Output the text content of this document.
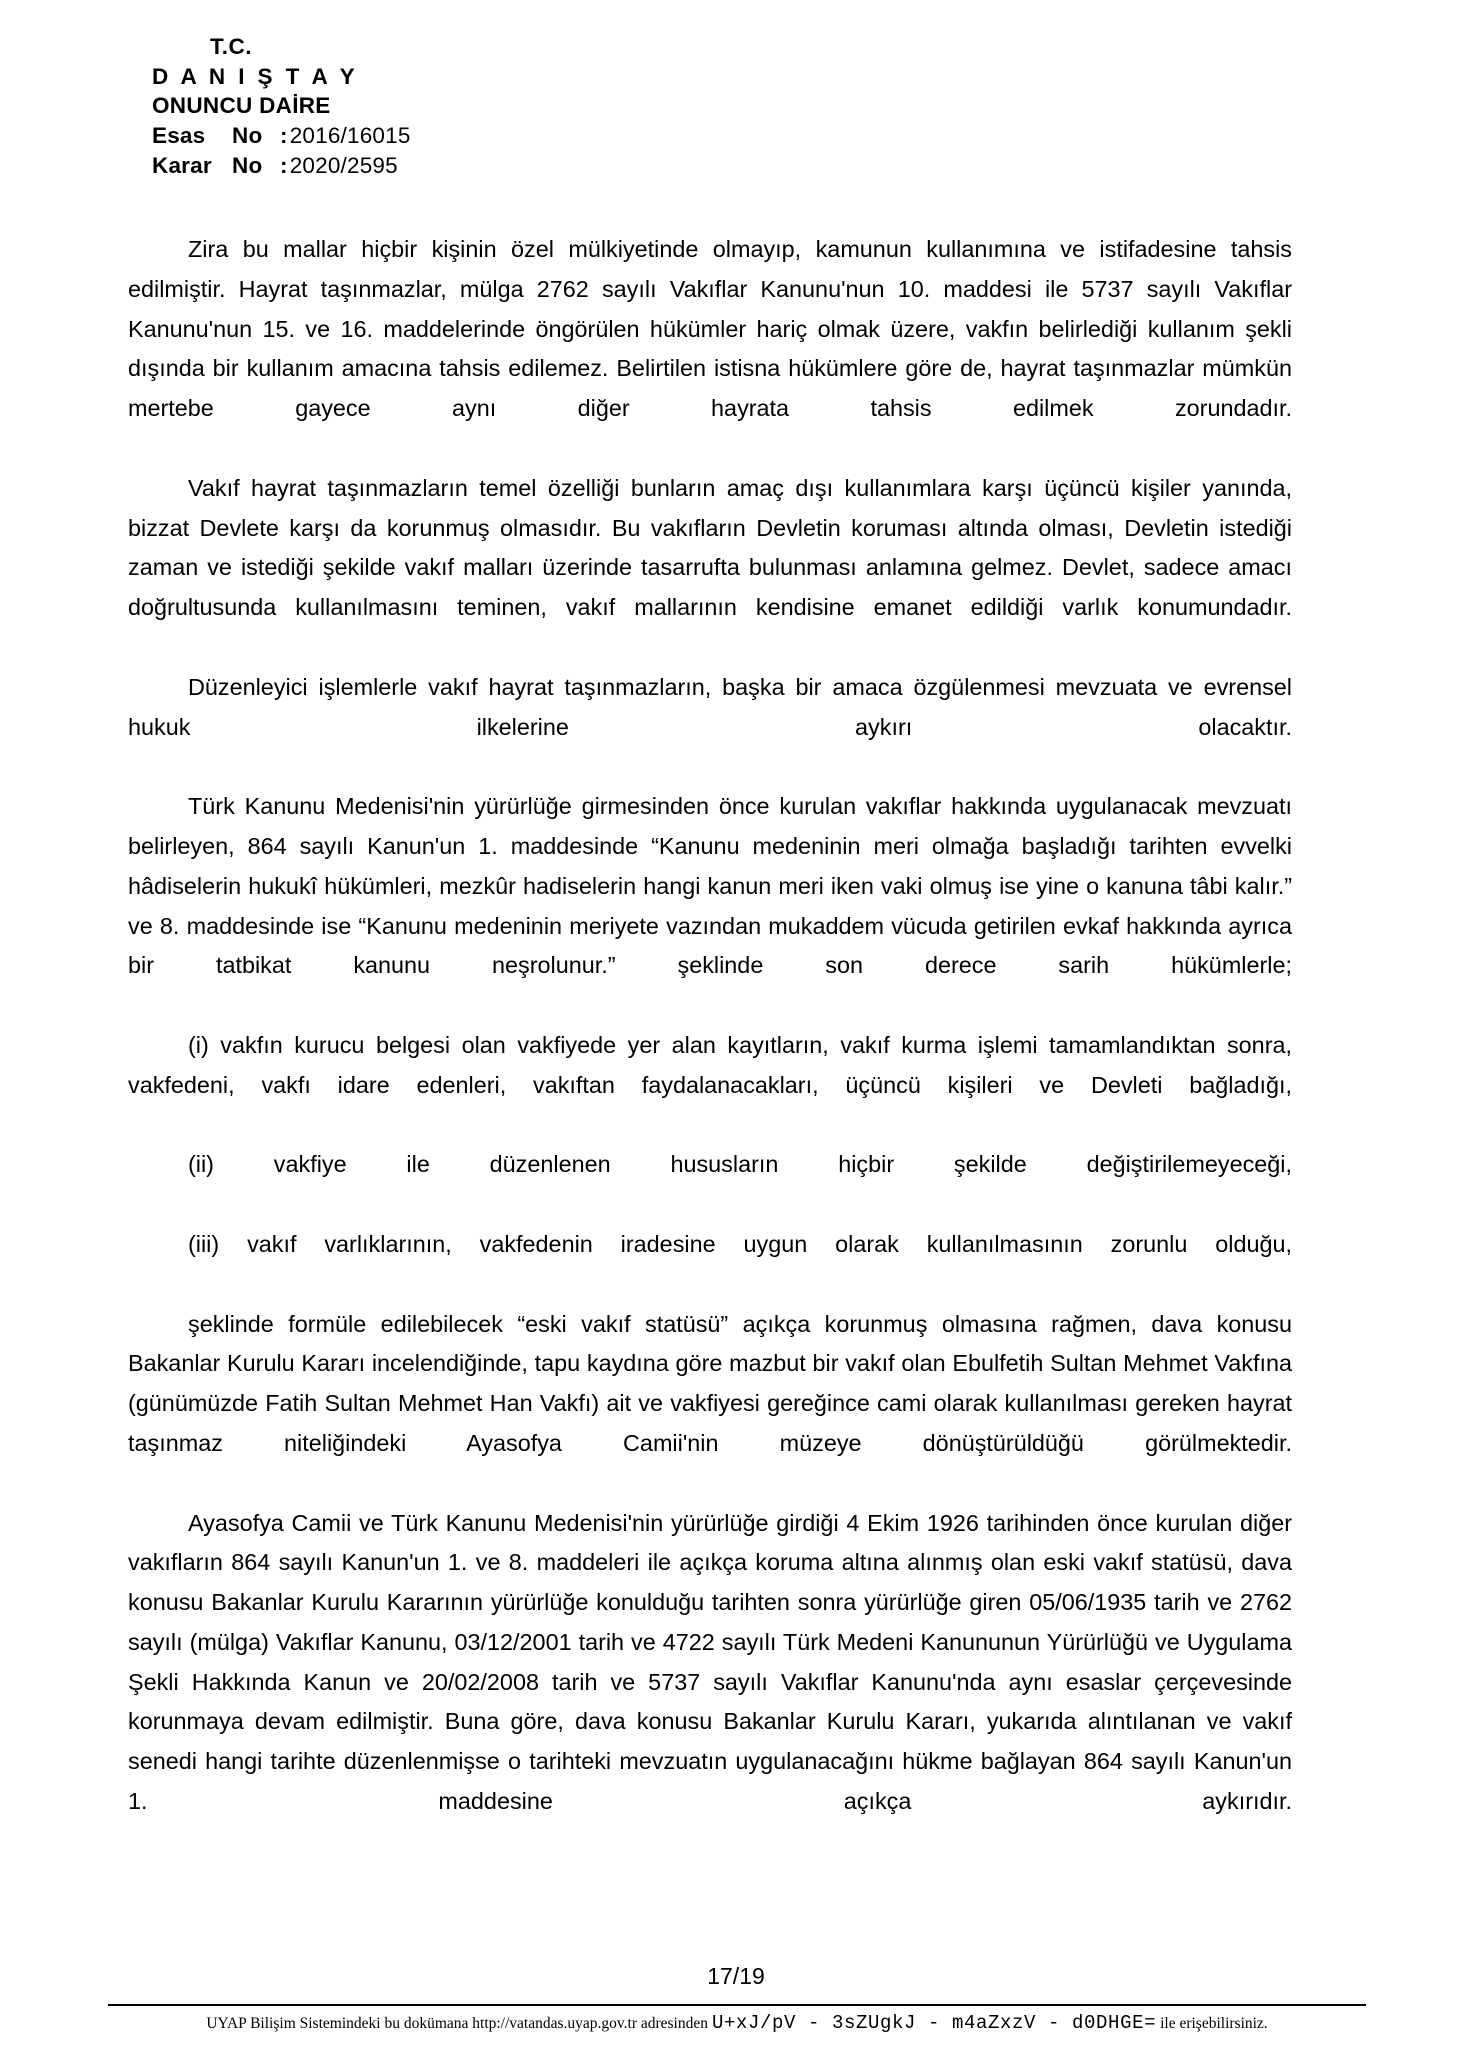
T.C.
D A N I Ş T A Y
ONUNCU DAİRE
Esas	No : 2016/16015
Karar No : 2020/2595

Zira bu mallar hiçbir kişinin özel mülkiyetinde olmayıp, kamunun kullanımına ve istifadesine tahsis edilmiştir. Hayrat taşınmazlar, mülga 2762 sayılı Vakıflar Kanunu'nun 10. maddesi ile 5737 sayılı Vakıflar Kanunu'nun 15. ve 16. maddelerinde öngörülen hükümler hariç olmak üzere, vakfın belirlediği kullanım şekli dışında bir kullanım amacına tahsis edilemez. Belirtilen istisna hükümlere göre de, hayrat taşınmazlar mümkün mertebe gayece aynı diğer hayrata tahsis edilmek zorundadır.

Vakıf hayrat taşınmazların temel özelliği bunların amaç dışı kullanımlara karşı üçüncü kişiler yanında, bizzat Devlete karşı da korunmuş olmasıdır. Bu vakıfların Devletin koruması altında olması, Devletin istediği zaman ve istediği şekilde vakıf malları üzerinde tasarrufta bulunması anlamına gelmez. Devlet, sadece amacı doğrultusunda kullanılmasını teminen, vakıf mallarının kendisine emanet edildiği varlık konumundadır.

Düzenleyici işlemlerle vakıf hayrat taşınmazların, başka bir amaca özgülenmesi mevzuata ve evrensel hukuk ilkelerine aykırı olacaktır.

Türk Kanunu Medenisi'nin yürürlüğe girmesinden önce kurulan vakıflar hakkında uygulanacak mevzuatı belirleyen, 864 sayılı Kanun'un 1. maddesinde “Kanunu medeninin meri olmağa başladığı tarihten evvelki hâdiselerin hukukî hükümleri, mezkûr hadiselerin hangi kanun meri iken vaki olmuş ise yine o kanuna tâbi kalır.” ve 8. maddesinde ise “Kanunu medeninin meriyete vazından mukaddem vücuda getirilen evkaf hakkında ayrıca bir tatbikat kanunu neşrolunur.” şeklinde son derece sarih hükümlerle;

(i) vakfın kurucu belgesi olan vakfiyede yer alan kayıtların, vakıf kurma işlemi tamamlandıktan sonra, vakfedeni, vakfı idare edenleri, vakıftan faydalanacakları, üçüncü kişileri ve Devleti bağladığı,

(ii) vakfiye ile düzenlenen hususların hiçbir şekilde değiştirilemeyeceği,

(iii) vakıf varlıklarının, vakfedenin iradesine uygun olarak kullanılmasının zorunlu olduğu,

şeklinde formüle edilebilecek “eski vakıf statüsü” açıkça korunmuş olmasına rağmen, dava konusu Bakanlar Kurulu Kararı incelendiğinde, tapu kaydına göre mazbut bir vakıf olan Ebulfetih Sultan Mehmet Vakfına (günümüzde Fatih Sultan Mehmet Han Vakfı) ait ve vakfiyesi gereğince cami olarak kullanılması gereken hayrat taşınmaz niteliğindeki Ayasofya Camii'nin müzeye dönüştürüldüğü görülmektedir.

Ayasofya Camii ve Türk Kanunu Medenisi'nin yürürlüğe girdiği 4 Ekim 1926 tarihinden önce kurulan diğer vakıfların 864 sayılı Kanun'un 1. ve 8. maddeleri ile açıkça koruma altına alınmış olan eski vakıf statüsü, dava konusu Bakanlar Kurulu Kararının yürürlüğe konulduğu tarihten sonra yürürlüğe giren 05/06/1935 tarih ve 2762 sayılı (mülga) Vakıflar Kanunu, 03/12/2001 tarih ve 4722 sayılı Türk Medeni Kanununun Yürürlüğü ve Uygulama Şekli Hakkında Kanun ve 20/02/2008 tarih ve 5737 sayılı Vakıflar Kanunu'nda aynı esaslar çerçevesinde korunmaya devam edilmiştir. Buna göre, dava konusu Bakanlar Kurulu Kararı, yukarıda alıntılanan ve vakıf senedi hangi tarihte düzenlenmişse o tarihteki mevzuatın uygulanacağını hükme bağlayan 864 sayılı Kanun'un 1. maddesine açıkça aykırıdır.

17/19
UYAP Bilişim Sistemindeki bu dokümana http://vatandas.uyap.gov.tr adresinden U+xJ/pV - 3sZUgkJ - m4aZxzV - d0DHGE= ile erişebilirsiniz.
